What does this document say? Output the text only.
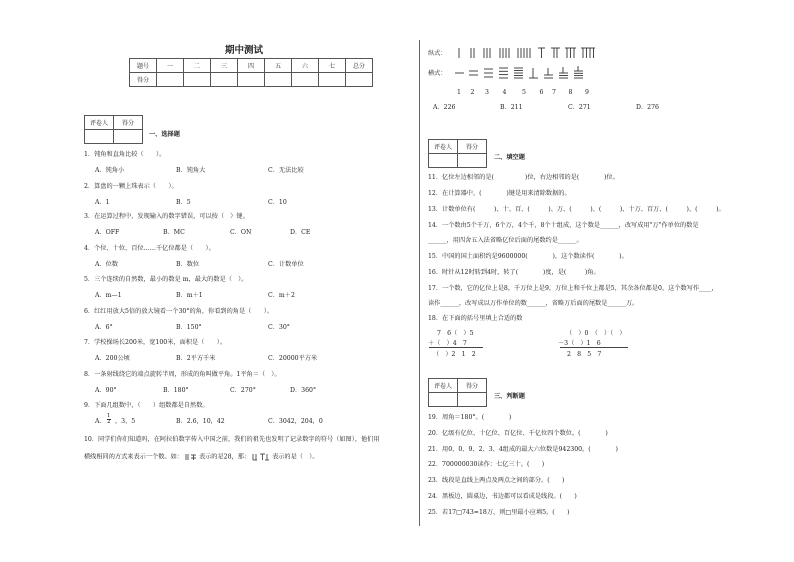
期中测试
题号	一	二	三	四	五	六	七	总分
得分								
评卷人	得分

一、选择题
评卷人	得分

二、填空题
评卷人	得分

三、判断题
1．钝角和直角比较（　　）。
A．钝角小	B．钝角大	C．无法比较
2．算盘的一颗上珠表示（　　）。
A．1	B．5	C．10
3．在运算过程中，发现输入的数字错误，可以按（　）键。
A．OFF	B．MC	C．ON	D．CE
4．个位、十位、百位……千亿位都是（　　）。
A．位数	B．数位	C．计数单位
5．三个连续的自然数，最小的数是 m，最大的数是（　）。
A．m—1	B．m＋1	C．m＋2
6．红红用放大5倍的放大镜看一个30°的角，你看到的角是（　　）。
A．6°	B．150°	C．30°
7．学校操场长200米，宽100米，面积是（　　）。
A．200公顷	B．2平方千米	C．20000平方米
8．一条射线绕它的端点旋转半周，形成的角叫做平角。1平角＝（　）。
A．90°	B．180°	C．270°	D．360°
9．下面几组数中，（　　）组数都是自然数。
A．
1
2 ，3，5	B．2.6，10，42	C．3042，204，0
10．同学们你们知道吗，在阿拉伯数字传入中国之前，我们的祖先也发明了记录数字的符号（如图），他们用
横线相同的方式来表示一个数。如：	表示的是28，那：	表示的是（　）。
纵式：
横式：
1 2 3 4	5 6 7 8 9
A．226	B．211	C．271	D．276
11．亿位左边相邻的是(　　　　　)位，右边相邻的是(　　　　)位。
12．在计算器中，(　　　　)键是用来清除数据的。
13．计数单位有(　　　)、十、百、(　　　)、万、(　　　)、(　　　)、十万、百万、(　　　)、(　　　)。
14．一个数由5个千万，6个万，4个千，8个十组成，这个数是______，改写成用"万"作单位的数是
______，用四舍五入法省略亿位后面的尾数约是______。
15．中国的国土面积约是9600000(　　　　)，这个数读作(　　　　)。
16．时针从12时转到4时，转了(　　　　)度，是(　　　)角。
17．一个数，它的亿位上是8，千万位上是9，万位上和千位上都是5，其余各位都是0，这个数写作____，
读作______，改写成以万作单位的数______，省略万后面的尾数是______万。
18．在下面的括号里填上合适的数
7　6（　）5
＋（　）4　7
（　）2　1　2
（　）0　（　）（　）
－3（　）1　6
2　8　5　7
19．周角＝180°。(　　　　)
20．亿级有亿位、十亿位、百亿位、千亿位四个数位。(　　　　)
21．用0、0、9、2、3、4组成的最大六位数是942300。(　　　　)
22．700000030读作：七亿三十。(　　)
23．线段是直线上两点及两点之间的部分。(　　)
24．黑板边，圆桌边，书边都可以看成是线段。(　　)
25．若17□743≈18万，则□里最小应填5。(　　)
